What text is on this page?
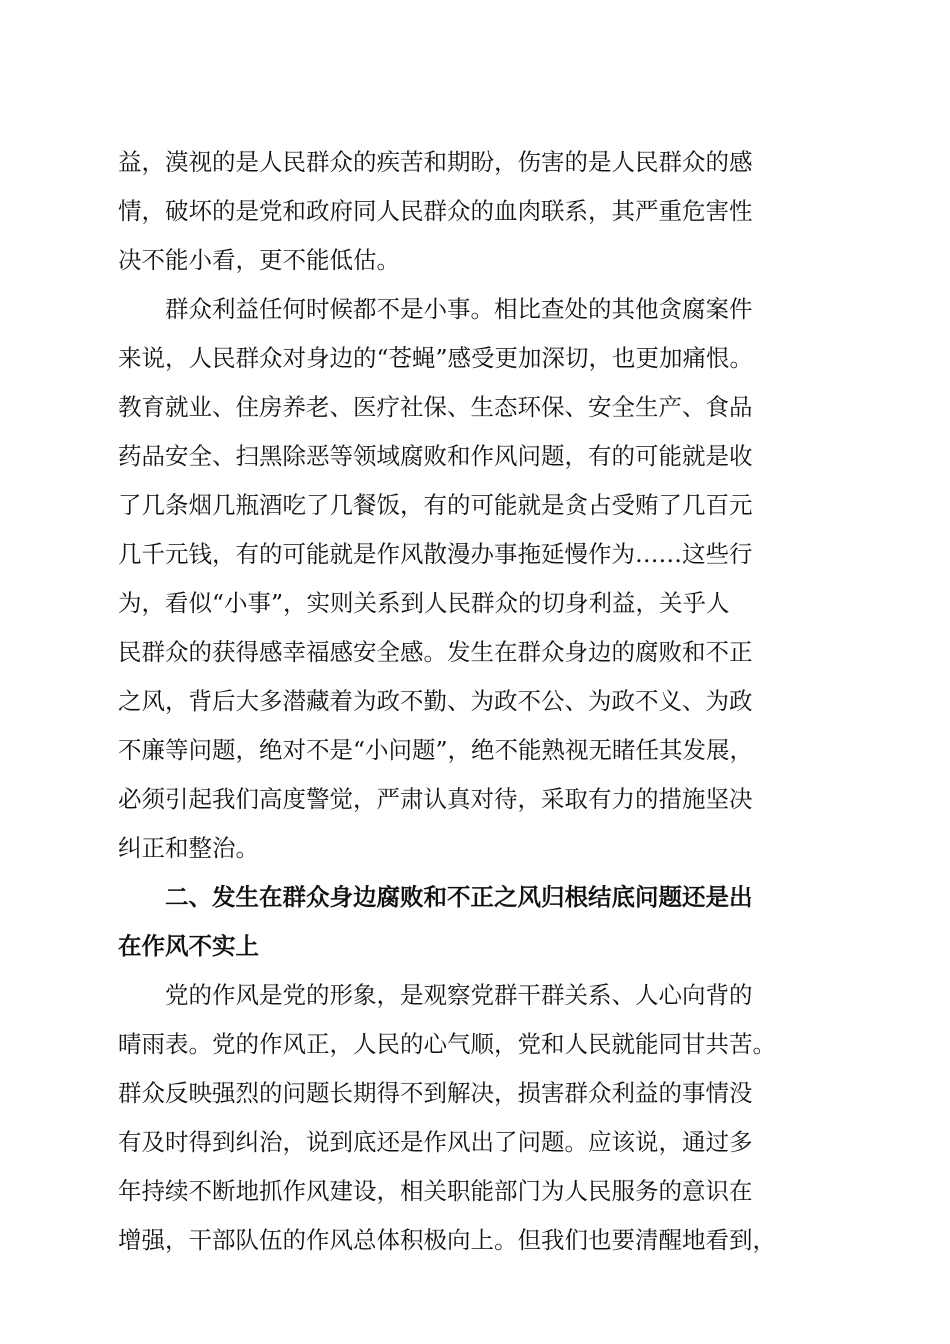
益，漠视的是人民群众的疾苦和期盼，伤害的是人民群众的感
情，破坏的是党和政府同人民群众的血肉联系，其严重危害性
决不能小看，更不能低估。
　　群众利益任何时候都不是小事。相比查处的其他贪腐案件
来说，人民群众对身边的“苍蝇”感受更加深切，也更加痛恨。
教育就业、住房养老、医疗社保、生态环保、安全生产、食品
药品安全、扫黑除恶等领域腐败和作风问题，有的可能就是收
了几条烟几瓶酒吃了几餐饭，有的可能就是贪占受贿了几百元
几千元钱，有的可能就是作风散漫办事拖延慢作为……这些行
为，看似“小事”，实则关系到人民群众的切身利益，关乎人
民群众的获得感幸福感安全感。发生在群众身边的腐败和不正
之风，背后大多潜藏着为政不勤、为政不公、为政不义、为政
不廉等问题，绝对不是“小问题”，绝不能熟视无睹任其发展，
必须引起我们高度警觉，严肃认真对待，采取有力的措施坚决
纠正和整治。
　　二、发生在群众身边腐败和不正之风归根结底问题还是出
在作风不实上
　　党的作风是党的形象，是观察党群干群关系、人心向背的
晴雨表。党的作风正，人民的心气顺，党和人民就能同甘共苦。
群众反映强烈的问题长期得不到解决，损害群众利益的事情没
有及时得到纠治，说到底还是作风出了问题。应该说，通过多
年持续不断地抓作风建设，相关职能部门为人民服务的意识在
增强，干部队伍的作风总体积极向上。但我们也要清醒地看到，
